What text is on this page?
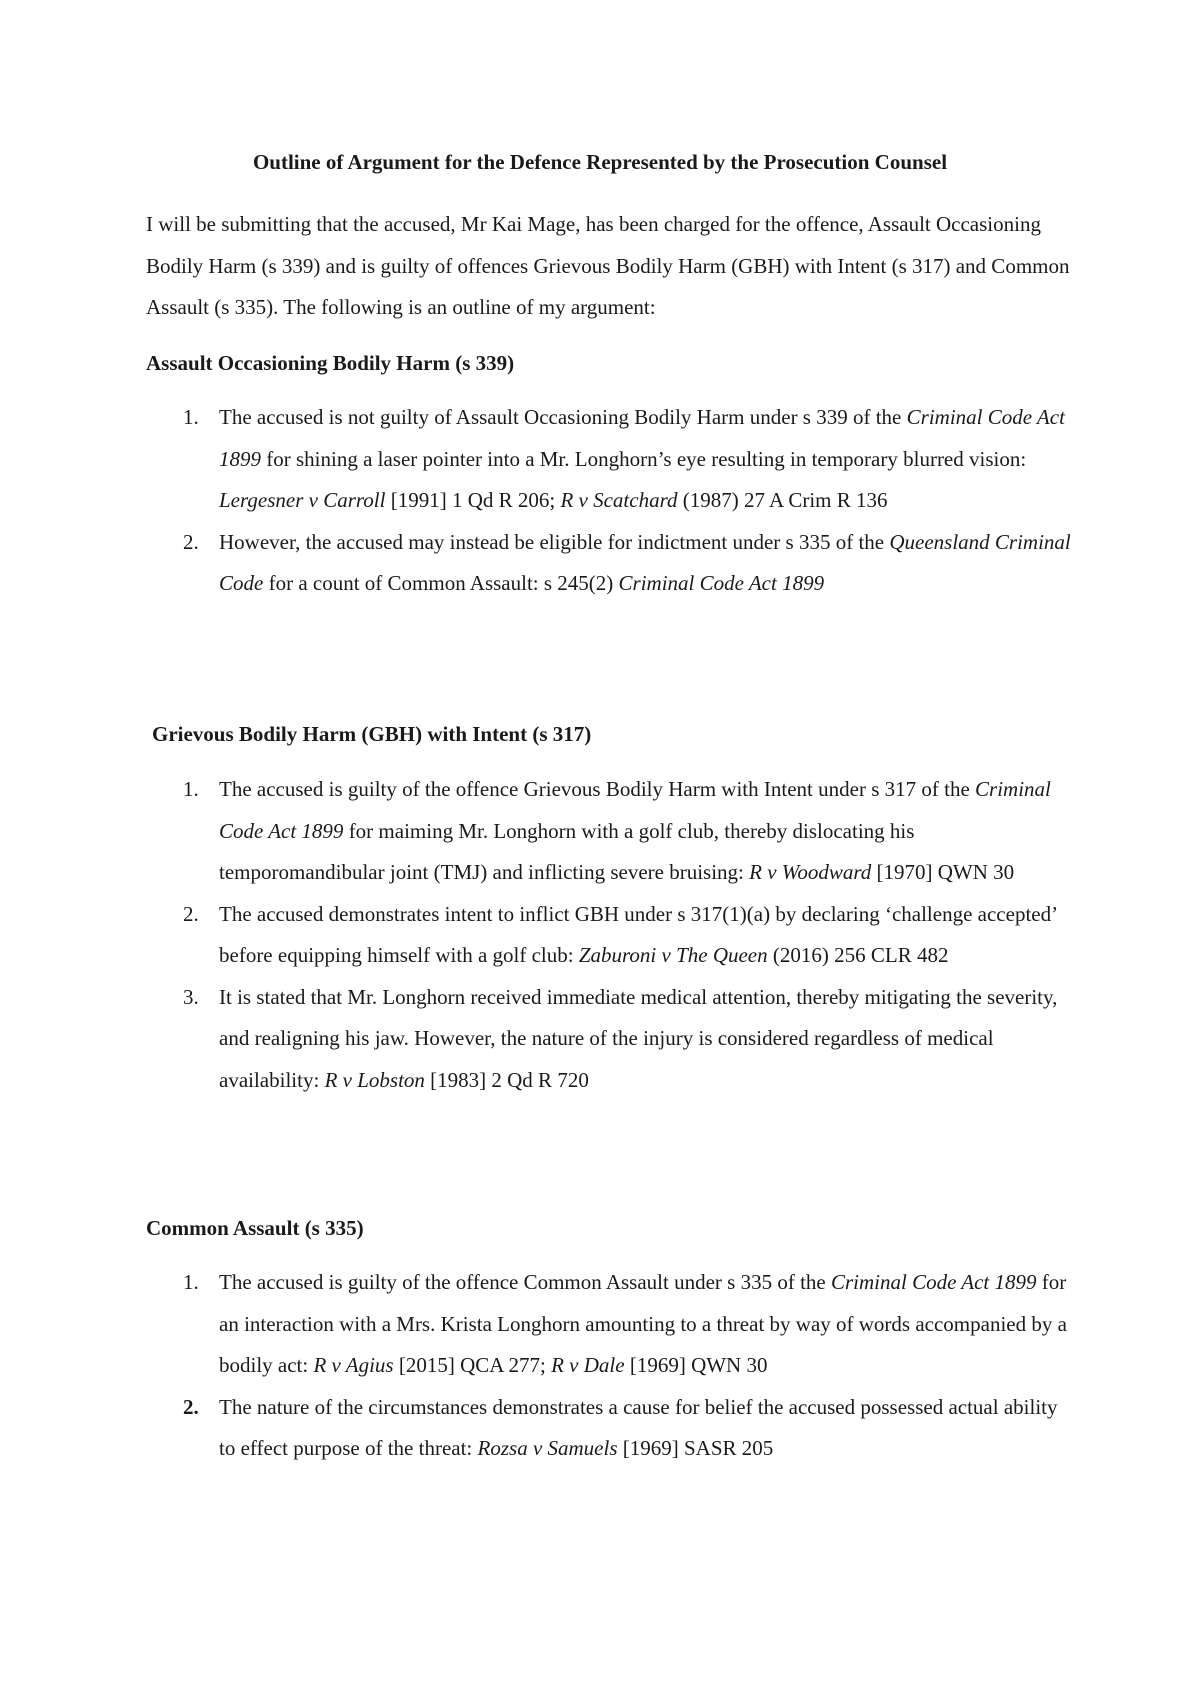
Outline of Argument for the Defence Represented by the Prosecution Counsel

I will be submitting that the accused, Mr Kai Mage, has been charged for the offence, Assault Occasioning Bodily Harm (s 339) and is guilty of offences Grievous Bodily Harm (GBH) with Intent (s 317) and Common Assault (s 335). The following is an outline of my argument:

Assault Occasioning Bodily Harm (s 339)
1. The accused is not guilty of Assault Occasioning Bodily Harm under s 339 of the Criminal Code Act 1899 for shining a laser pointer into a Mr. Longhorn’s eye resulting in temporary blurred vision: Lergesner v Carroll [1991] 1 Qd R 206; R v Scatchard (1987) 27 A Crim R 136
2. However, the accused may instead be eligible for indictment under s 335 of the Queensland Criminal Code for a count of Common Assault: s 245(2) Criminal Code Act 1899
Grievous Bodily Harm (GBH) with Intent (s 317)
1. The accused is guilty of the offence Grievous Bodily Harm with Intent under s 317 of the Criminal Code Act 1899 for maiming Mr. Longhorn with a golf club, thereby dislocating his temporomandibular joint (TMJ) and inflicting severe bruising: R v Woodward [1970] QWN 30
2. The accused demonstrates intent to inflict GBH under s 317(1)(a) by declaring ‘challenge accepted’ before equipping himself with a golf club: Zaburoni v The Queen (2016) 256 CLR 482
3. It is stated that Mr. Longhorn received immediate medical attention, thereby mitigating the severity, and realigning his jaw. However, the nature of the injury is considered regardless of medical availability: R v Lobston [1983] 2 Qd R 720
Common Assault (s 335)
1. The accused is guilty of the offence Common Assault under s 335 of the Criminal Code Act 1899 for an interaction with a Mrs. Krista Longhorn amounting to a threat by way of words accompanied by a bodily act: R v Agius [2015] QCA 277; R v Dale [1969] QWN 30
2. The nature of the circumstances demonstrates a cause for belief the accused possessed actual ability to effect purpose of the threat: Rozsa v Samuels [1969] SASR 205
